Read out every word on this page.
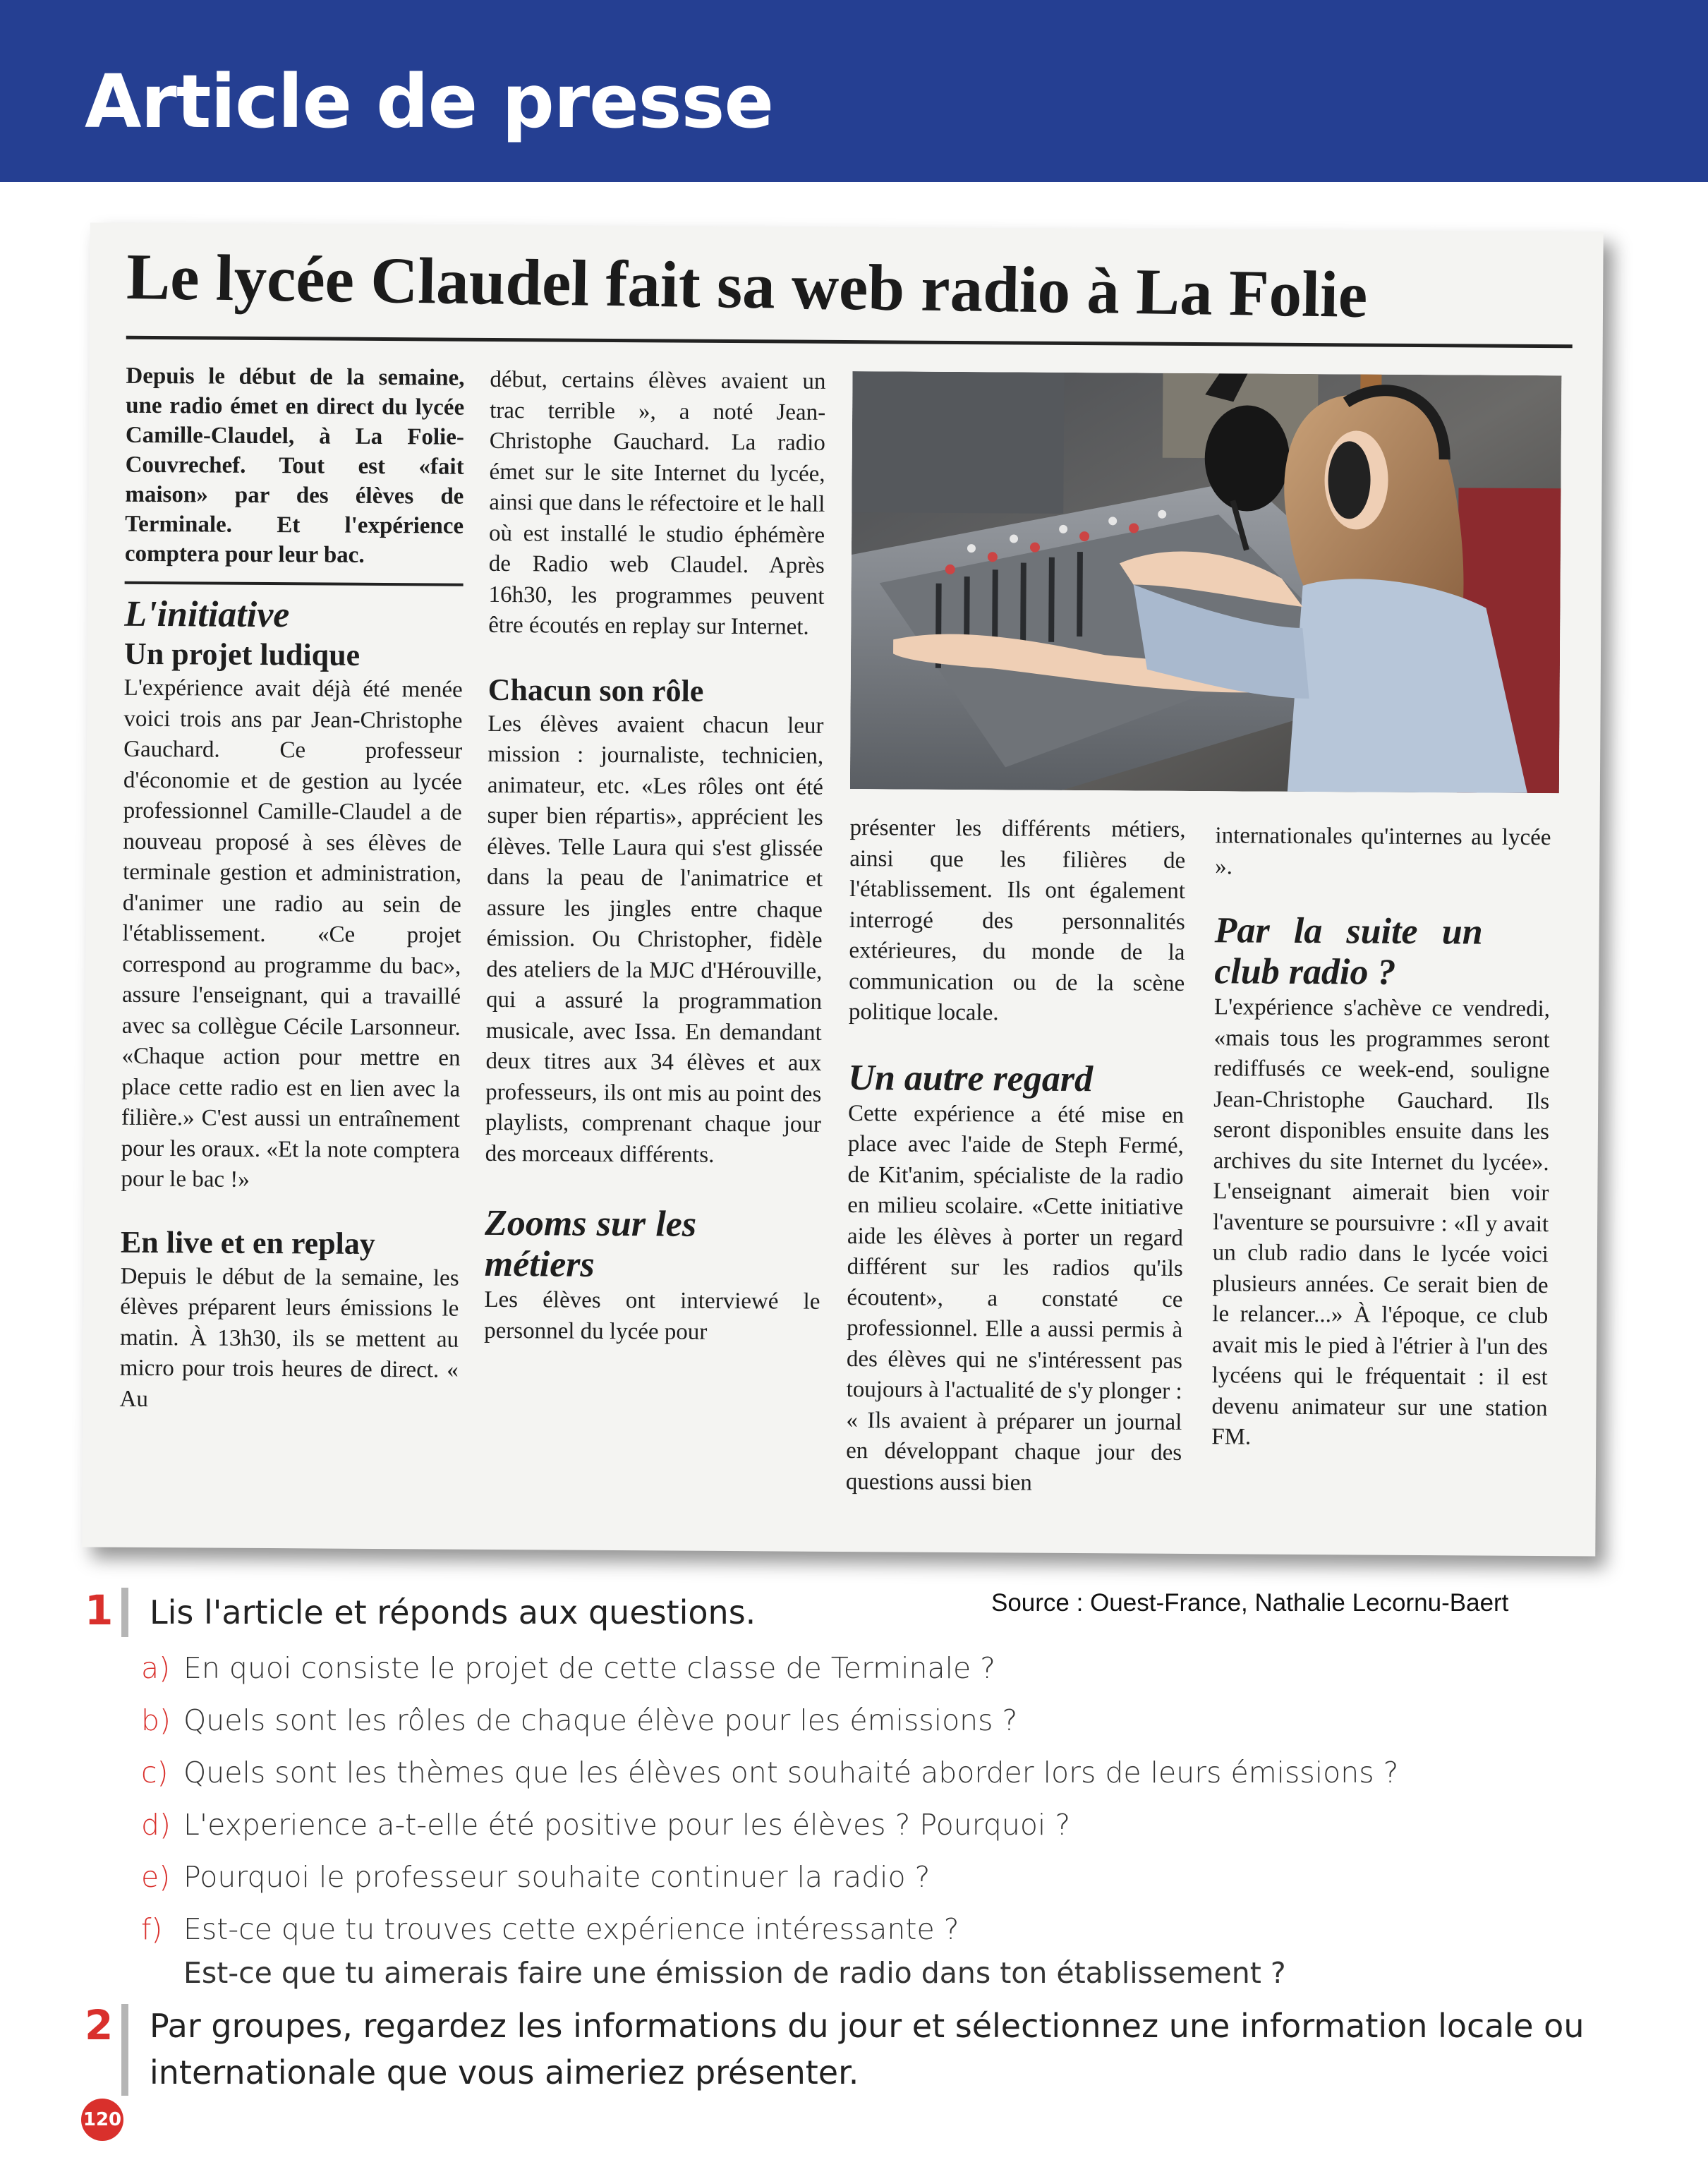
Article de presse
Le lycée Claudel fait sa web radio à La Folie

Depuis le début de la semaine, une radio émet en direct du lycée Camille-Claudel, à La Folie-Couvrechef. Tout est «fait maison» par des élèves de Terminale. Et l'expérience comptera pour leur bac.

L'initiative

Un projet ludique

L'expérience avait déjà été menée voici trois ans par Jean-Christophe Gauchard. Ce professeur d'économie et de gestion au lycée professionnel Camille-Claudel a de nouveau proposé à ses élèves de terminale gestion et administration, d'animer une radio au sein de l'établissement. «Ce projet correspond au programme du bac», assure l'enseignant, qui a travaillé avec sa collègue Cécile Larsonneur. «Chaque action pour mettre en place cette radio est en lien avec la filière.» C'est aussi un entraînement pour les oraux. «Et la note comptera pour le bac !»

En live et en replay

Depuis le début de la semaine, les élèves préparent leurs émissions le matin. À 13h30, ils se mettent au micro pour trois heures de direct. « Au

début, certains élèves avaient un trac terrible », a noté Jean-Christophe Gauchard. La radio émet sur le site Internet du lycée, ainsi que dans le réfectoire et le hall où est installé le studio éphémère de Radio web Claudel. Après 16h30, les programmes peuvent être écoutés en replay sur Internet.

Chacun son rôle

Les élèves avaient chacun leur mission : journaliste, technicien, animateur, etc. «Les rôles ont été super bien répartis», apprécient les élèves. Telle Laura qui s'est glissée dans la peau de l'animatrice et assure les jingles entre chaque émission. Ou Christopher, fidèle des ateliers de la MJC d'Hérouville, qui a assuré la programmation musicale, avec Issa. En demandant deux titres aux 34 élèves et aux professeurs, ils ont mis au point des playlists, comprenant chaque jour des morceaux différents.

Zooms sur les métiers

Les élèves ont interviewé le personnel du lycée pour

présenter les différents métiers, ainsi que les filières de l'établissement. Ils ont également interrogé des personnalités extérieures, du monde de la communication ou de la scène politique locale.

Un autre regard

Cette expérience a été mise en place avec l'aide de Steph Fermé, de Kit'anim, spécialiste de la radio en milieu scolaire. «Cette initiative aide les élèves à porter un regard différent sur les radios qu'ils écoutent», a constaté ce professionnel. Elle a aussi permis à des élèves qui ne s'intéressent pas toujours à l'actualité de s'y plonger : « Ils avaient à préparer un journal en développant chaque jour des questions aussi bien

internationales qu'internes au lycée ».

Par la suite un club radio ?

L'expérience s'achève ce vendredi, «mais tous les programmes seront rediffusés ce week-end, souligne Jean-Christophe Gauchard. Ils seront disponibles ensuite dans les archives du site Internet du lycée». L'enseignant aimerait bien voir l'aventure se poursuivre : «Il y avait un club radio dans le lycée voici plusieurs années. Ce serait bien de le relancer...» À l'époque, ce club avait mis le pied à l'étrier à l'un des lycéens qui le fréquentait : il est devenu animateur sur une station FM.

Source : Ouest-France, Nathalie Lecornu-Baert
1 Lis l'article et réponds aux questions.
a) En quoi consiste le projet de cette classe de Terminale ?
b) Quels sont les rôles de chaque élève pour les émissions ?
c) Quels sont les thèmes que les élèves ont souhaité aborder lors de leurs émissions ?
d) L'experience a-t-elle été positive pour les élèves ? Pourquoi ?
e) Pourquoi le professeur souhaite continuer la radio ?
f) Est-ce que tu trouves cette expérience intéressante ?
Est-ce que tu aimerais faire une émission de radio dans ton établissement ?
2 Par groupes, regardez les informations du jour et sélectionnez une information locale ou internationale que vous aimeriez présenter.
120
